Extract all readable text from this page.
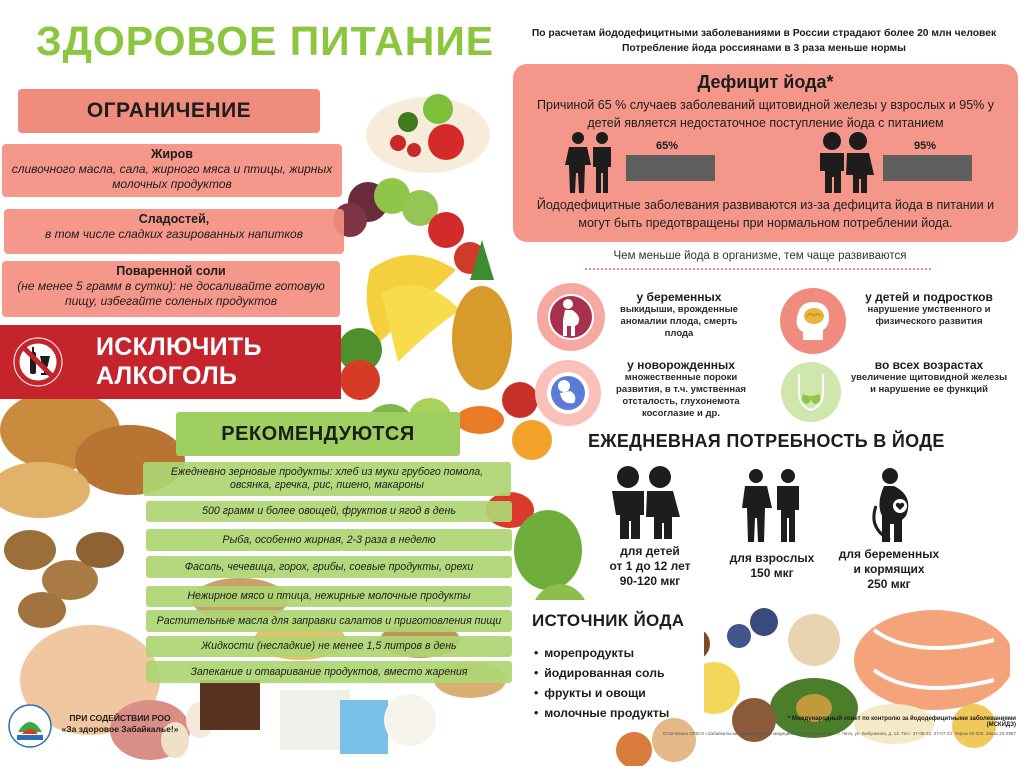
ЗДОРОВОЕ ПИТАНИЕ
ОГРАНИЧЕНИЕ
Жиров
сливочного масла, сала, жирного мяса и птицы, жирных молочных продуктов
Сладостей,
в том числе сладких газированных напитков
Поваренной соли
(не менее 5 грамм в сутки): не досаливайте готовую пищу, избегайте соленых продуктов
ИСКЛЮЧИТЬ
АЛКОГОЛЬ
РЕКОМЕНДУЮТСЯ
Ежедневно зерновые продукты: хлеб из муки грубого помола, овсянка, гречка, рис, пшено, макароны
500 грамм и более овощей, фруктов и ягод в день
Рыба, особенно жирная, 2-3 раза в неделю
Фасоль, чечевица, горох, грибы, соевые продукты, орехи
Нежирное мясо и птица, нежирные молочные продукты
Растительные масла для заправки салатов и приготовления пищи
Жидкости (несладкие) не менее 1,5 литров в день
Запекание и отваривание продуктов, вместо жарения
ПРИ СОДЕЙСТВИИ РОО
«За здоровое Забайкалье!»
По расчетам йододефицитными заболеваниями в России страдают более 20 млн человек
Потребление йода россиянами в 3 раза меньше нормы
Дефицит йода*
Причиной 65 % случаев заболеваний щитовидной железы у взрослых и 95% у детей является недостаточное поступление йода с питанием
65%	95%
Йододефицитные заболевания развиваются из-за дефицита йода в питании и могут быть предотвращены при нормальном потреблении йода.
Чем меньше йода в организме, тем чаще развиваются
у беременных
выкидыши, врожденные аномалии плода, смерть плода
у новорожденных
множественные пороки развития, в т.ч. умственная отсталость, глухонемота косоглазие и др.
у детей и подростков
нарушение умственного и физического развития
во всех возрастах
увеличение щитовидной железы и нарушение ее функций
ЕЖЕДНЕВНАЯ ПОТРЕБНОСТЬ В ЙОДЕ
для детей
от 1 до 12 лет
90-120 мкг
для взрослых
150 мкг
для беременных
и кормящих
250 мкг
ИСТОЧНИК ЙОДА
• морепродукты
• йодированная соль
• фрукты и овощи
• молочные продукты	* Международный совет по контролю за йододефицитными заболеваниями (МСКЙДЗ)
Отпечатано ОГБУЗ «Забайкальский краевой центр медицинской профилактики», г. Чита, ул. Бабушкина, д. 13. Тел.: 37-06-22, 37-07-22. Тираж 50 000. Заказ 20-2997
